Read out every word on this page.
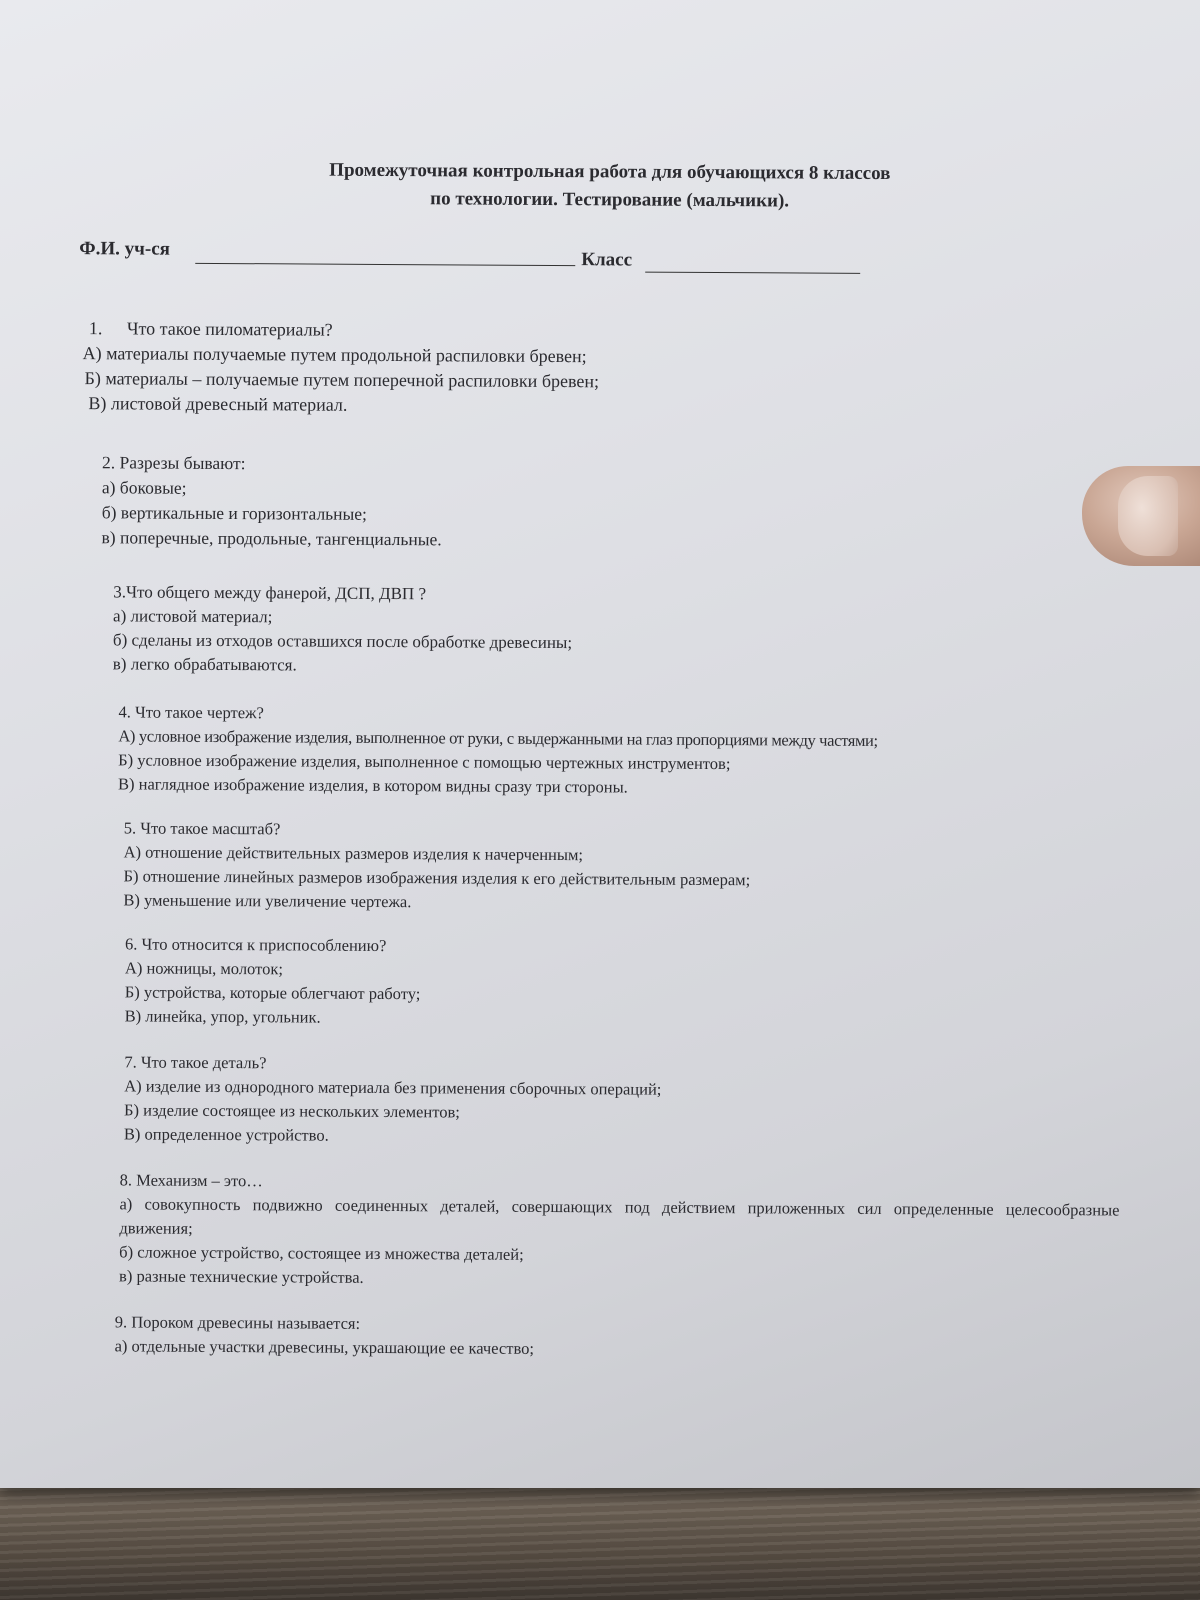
Промежуточная контрольная работа для обучающихся 8 классов
по технологии. Тестирование (мальчики).
Ф.И. уч-ся
Класс
1. Что такое пиломатериалы?
А) материалы получаемые путем продольной распиловки бревен;
Б) материалы – получаемые путем поперечной распиловки бревен;
В) листовой древесный материал.
2. Разрезы бывают:
а) боковые;
б) вертикальные и горизонтальные;
в) поперечные, продольные, тангенциальные.
3.Что общего между фанерой, ДСП, ДВП ?
а) листовой материал;
б) сделаны из отходов оставшихся после обработке древесины;
в) легко обрабатываются.
4. Что такое чертеж?
А) условное изображение изделия, выполненное от руки, с выдержанными на глаз пропорциями между частями;
Б) условное изображение изделия, выполненное с помощью чертежных инструментов;
В) наглядное изображение изделия, в котором видны сразу три стороны.
5. Что такое масштаб?
А) отношение действительных размеров изделия к начерченным;
Б) отношение линейных размеров изображения изделия к его действительным размерам;
В) уменьшение или увеличение чертежа.
6. Что относится к приспособлению?
А) ножницы, молоток;
Б) устройства, которые облегчают работу;
В) линейка, упор, угольник.
7. Что такое деталь?
А) изделие из однородного материала без применения сборочных операций;
Б) изделие состоящее из нескольких элементов;
В) определенное устройство.
8. Механизм – это…
а) совокупность подвижно соединенных деталей, совершающих под действием приложенных сил определенные целесообразные движения;
б) сложное устройство, состоящее из множества деталей;
в) разные технические устройства.
9. Пороком древесины называется:
а) отдельные участки древесины, украшающие ее качество;
